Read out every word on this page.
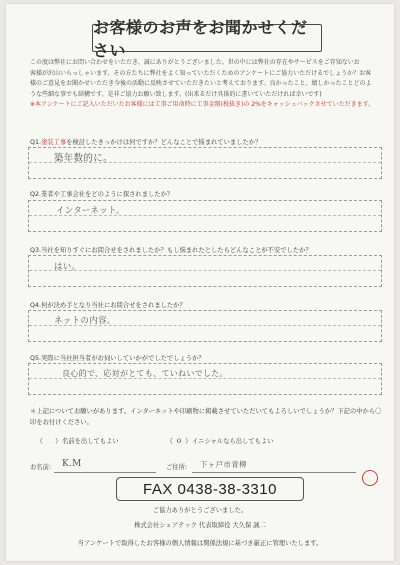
お客様のお声をお聞かせください
この度は弊社にお問い合わせをいただき、誠にありがとうございました。世の中には弊社の存在やサービスをご存知ないお
客様が沢山いらっしゃいます。その方たちに弊社をよく知っていただくためのアンケートにご協力いただけるでしょうか？お客
様のご意見をお聞かせいただき今後の活動に反映させていただきたいと考えております。良かったこと、嬉しかったことどのよ
うな些細な事でも結構です。是非ご協力お願い致します。(出来るだけ具体的に書いていただければ幸いです)
※本アンケートにご記入いただいたお客様には工事ご用命時に工事金額(税抜き)の 2%をキャッシュバックさせていただきます。
Q1.塗装工事を検討したきっかけは何ですか？どんなことで悩まれていましたか？
築年数的に。
Q2.業者や工事会社をどのように探されましたか？
インターネット。
Q3.当社を知りすぐにお問合せをされましたか？もし悩まれたとしたらどんなことが不安でしたか？
はい。
Q4.何が決め手となり当社にお問合せをされましたか？
ネットの内容。
Q5.実際に当社担当者がお伺いしていかがでしたでしょうか？
良心的で、応対がとても、ていねいでした。
＊上記についてお願いがあります。インターネットや印刷物に掲載させていただいてもよろしいでしょうか？下記の中から〇印をお付けください。
（ ）名前を出してもよい	（ o ）イニシャルなら出してもよい
お名前: K.M	ご住所: 下ヶ戸市青柳
FAX 0438-38-3310
ご協力ありがとうございました。
株式会社シェアテック 代表取締役 大久保 誠二
当アンケートで取得したお客様の個人情報は関係法規に基づき厳正に管理いたします。
